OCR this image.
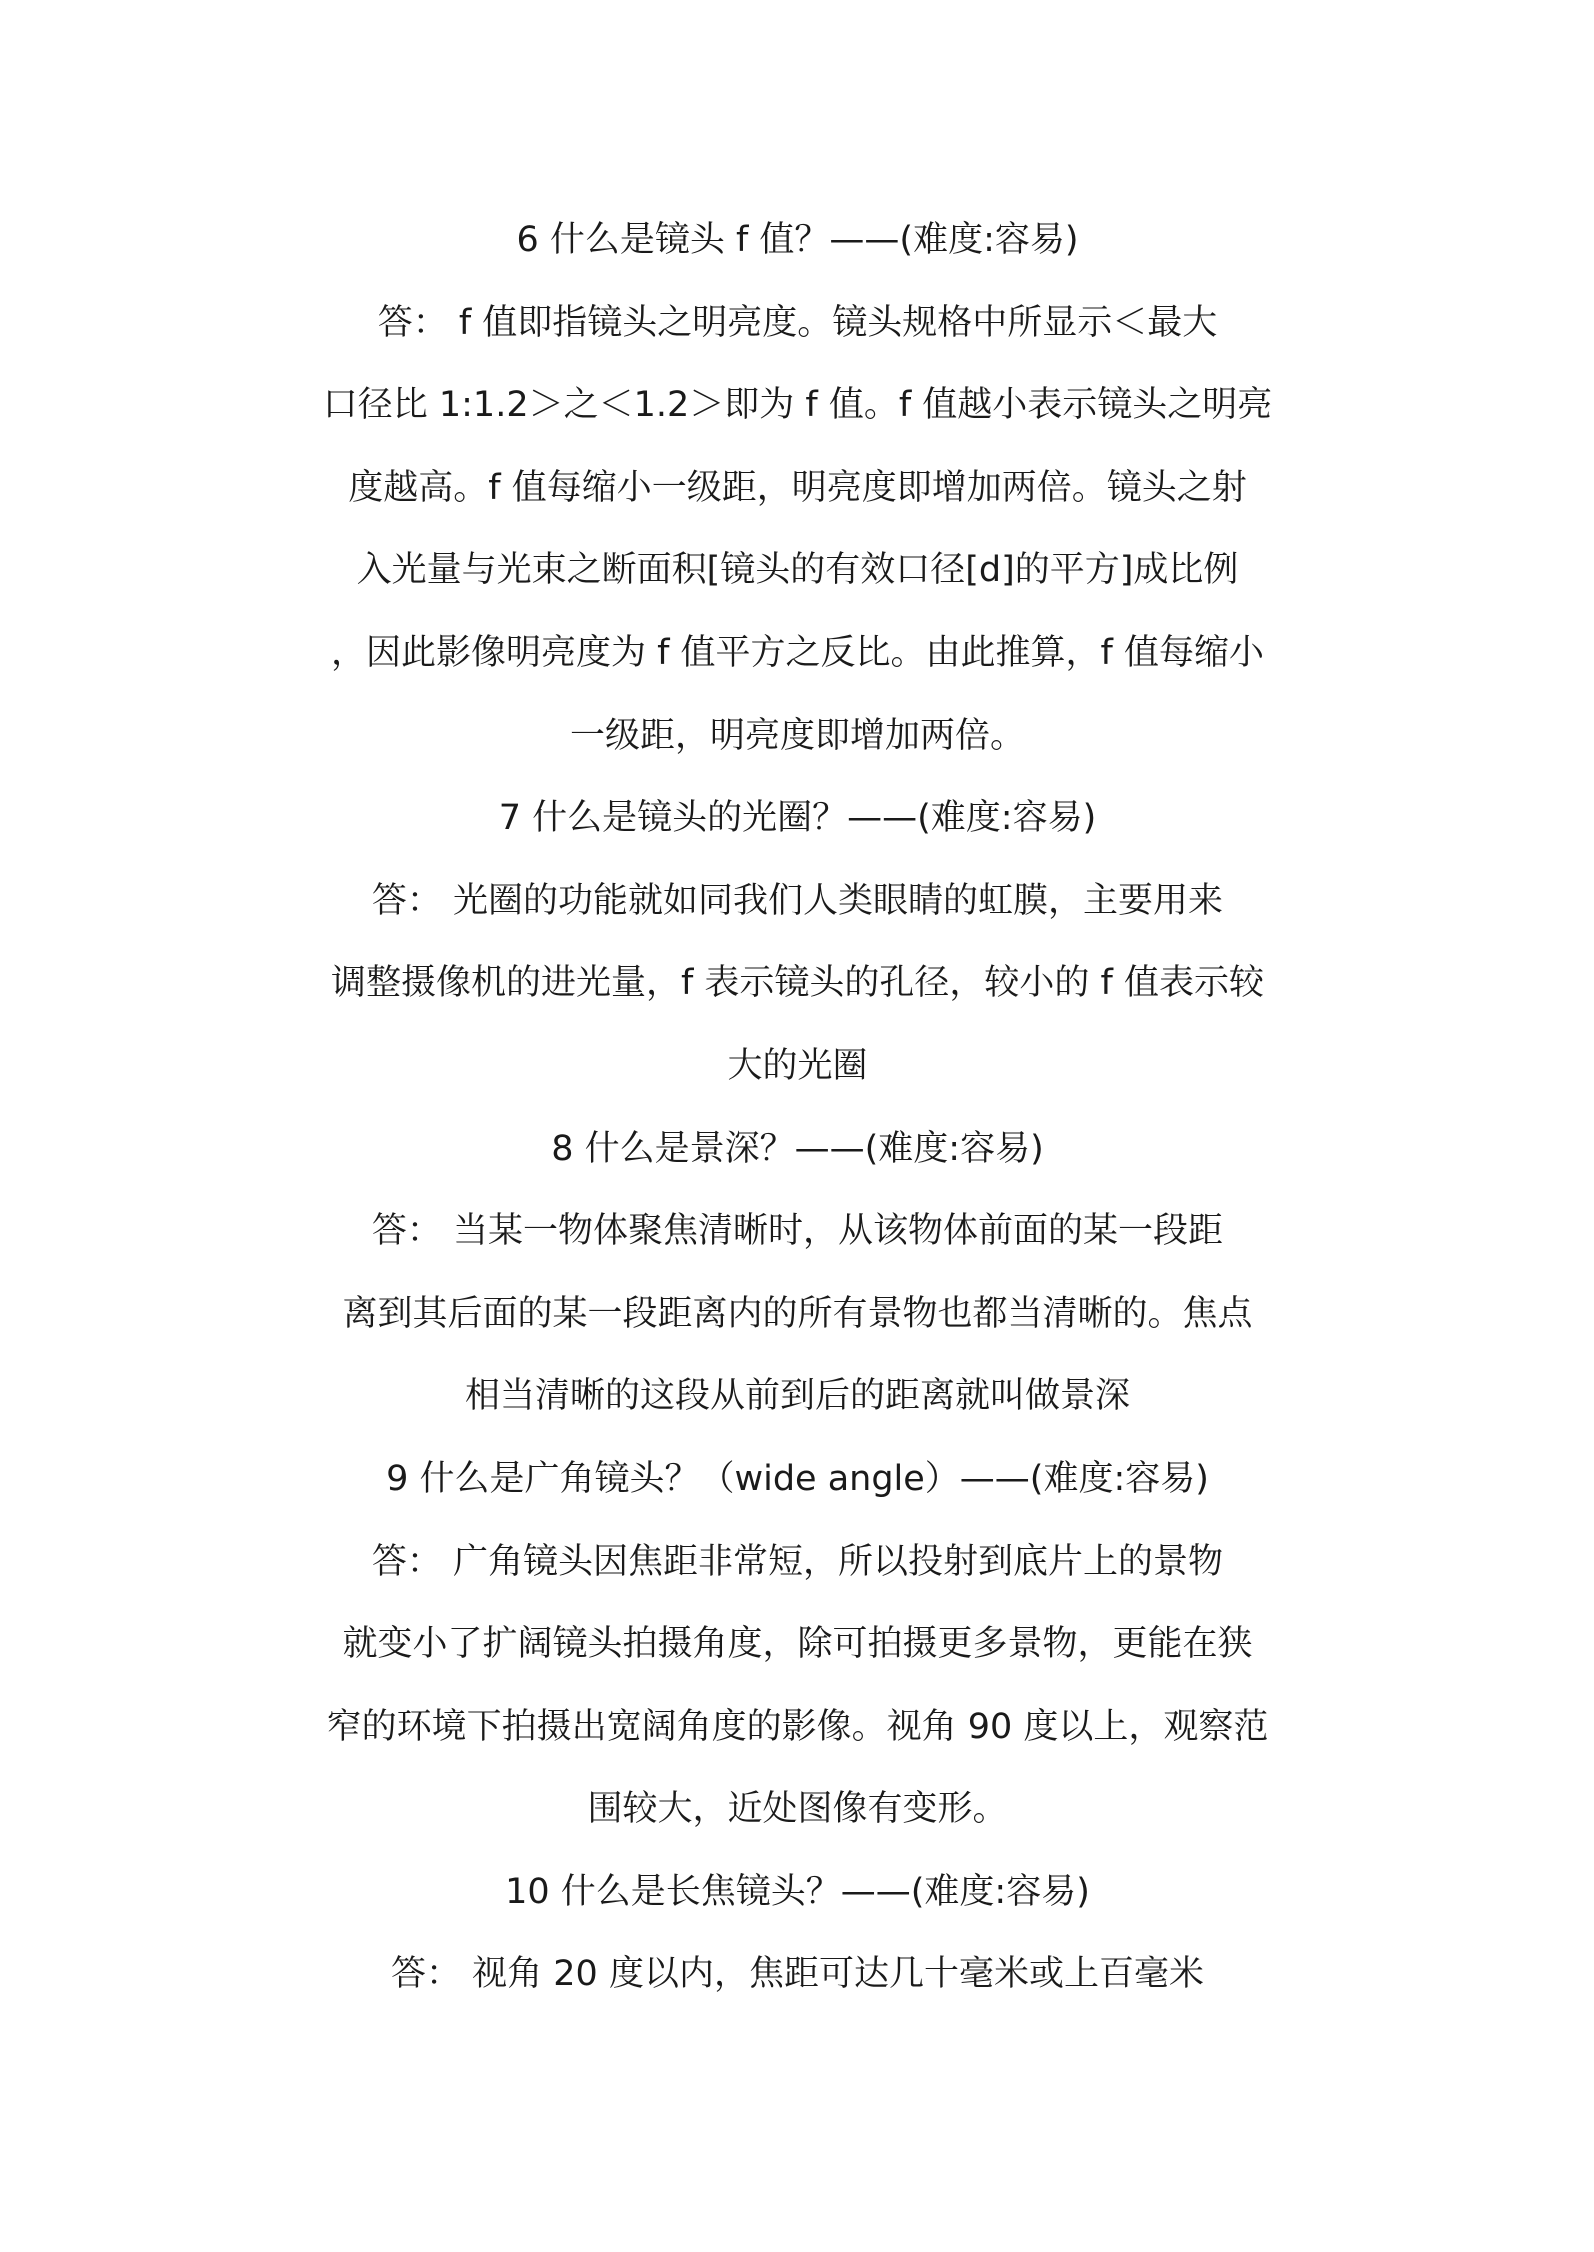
6 什么是镜头 f 值？——(难度:容易)
答： f 值即指镜头之明亮度。镜头规格中所显示＜最大
口径比 1:1.2＞之＜1.2＞即为 f 值。f 值越小表示镜头之明亮
度越高。f 值每缩小一级距，明亮度即增加两倍。镜头之射
入光量与光束之断面积[镜头的有效口径[d]的平方]成比例
，因此影像明亮度为 f 值平方之反比。由此推算，f 值每缩小
一级距，明亮度即增加两倍。
7 什么是镜头的光圈？——(难度:容易)
答： 光圈的功能就如同我们人类眼睛的虹膜，主要用来
调整摄像机的进光量，f 表示镜头的孔径，较小的 f 值表示较
大的光圈
8 什么是景深？——(难度:容易)
答： 当某一物体聚焦清晰时，从该物体前面的某一段距
离到其后面的某一段距离内的所有景物也都当清晰的。焦点
相当清晰的这段从前到后的距离就叫做景深
9 什么是广角镜头？（wide angle）——(难度:容易)
答： 广角镜头因焦距非常短，所以投射到底片上的景物
就变小了扩阔镜头拍摄角度，除可拍摄更多景物，更能在狭
窄的环境下拍摄出宽阔角度的影像。视角 90 度以上，观察范
围较大，近处图像有变形。
10 什么是长焦镜头？——(难度:容易)
答： 视角 20 度以内，焦距可达几十毫米或上百毫米
